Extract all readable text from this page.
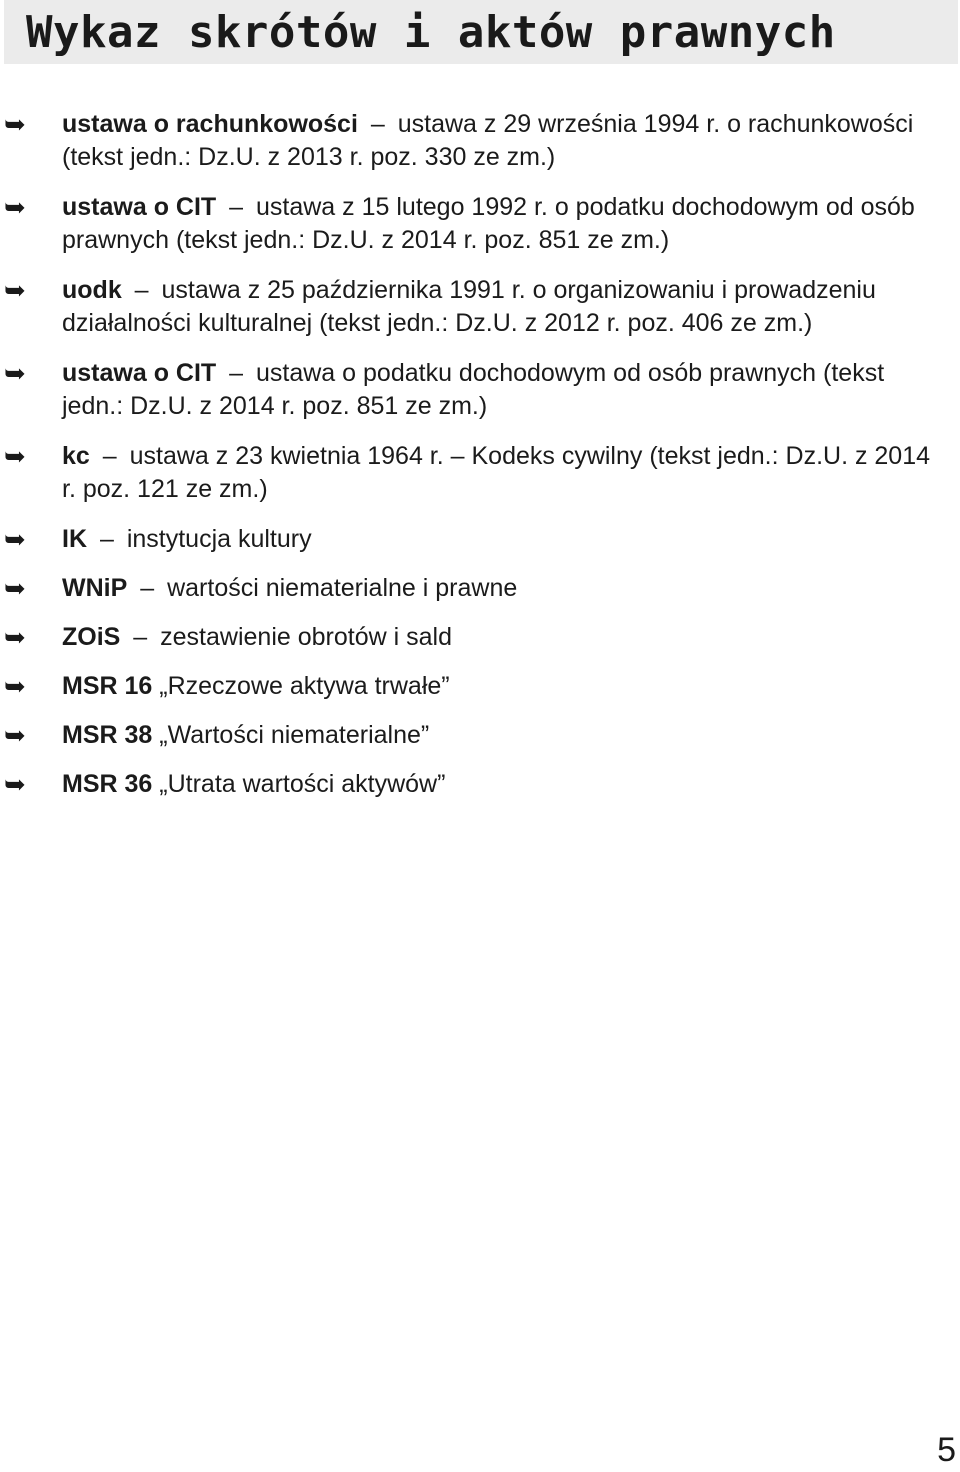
Wykaz skrótów i aktów prawnych
➥ ustawa o rachunkowości – ustawa z 29 września 1994 r. o rachunkowości (tekst jedn.: Dz.U. z 2013 r. poz. 330 ze zm.)
➥ ustawa o CIT – ustawa z 15 lutego 1992 r. o podatku dochodowym od osób prawnych (tekst jedn.: Dz.U. z 2014 r. poz. 851 ze zm.)
➥ uodk – ustawa z 25 października 1991 r. o organizowaniu i prowadzeniu działalności kulturalnej (tekst jedn.: Dz.U. z 2012 r. poz. 406 ze zm.)
➥ ustawa o CIT – ustawa o podatku dochodowym od osób prawnych (tekst jedn.: Dz.U. z 2014 r. poz. 851 ze zm.)
➥ kc – ustawa z 23 kwietnia 1964 r. – Kodeks cywilny (tekst jedn.: Dz.U. z 2014 r. poz. 121 ze zm.)
➥ IK – instytucja kultury
➥ WNiP – wartości niematerialne i prawne
➥ ZOiS – zestawienie obrotów i sald
➥ MSR 16 „Rzeczowe aktywa trwałe”
➥ MSR 38 „Wartości niematerialne”
➥ MSR 36 „Utrata wartości aktywów”
5
